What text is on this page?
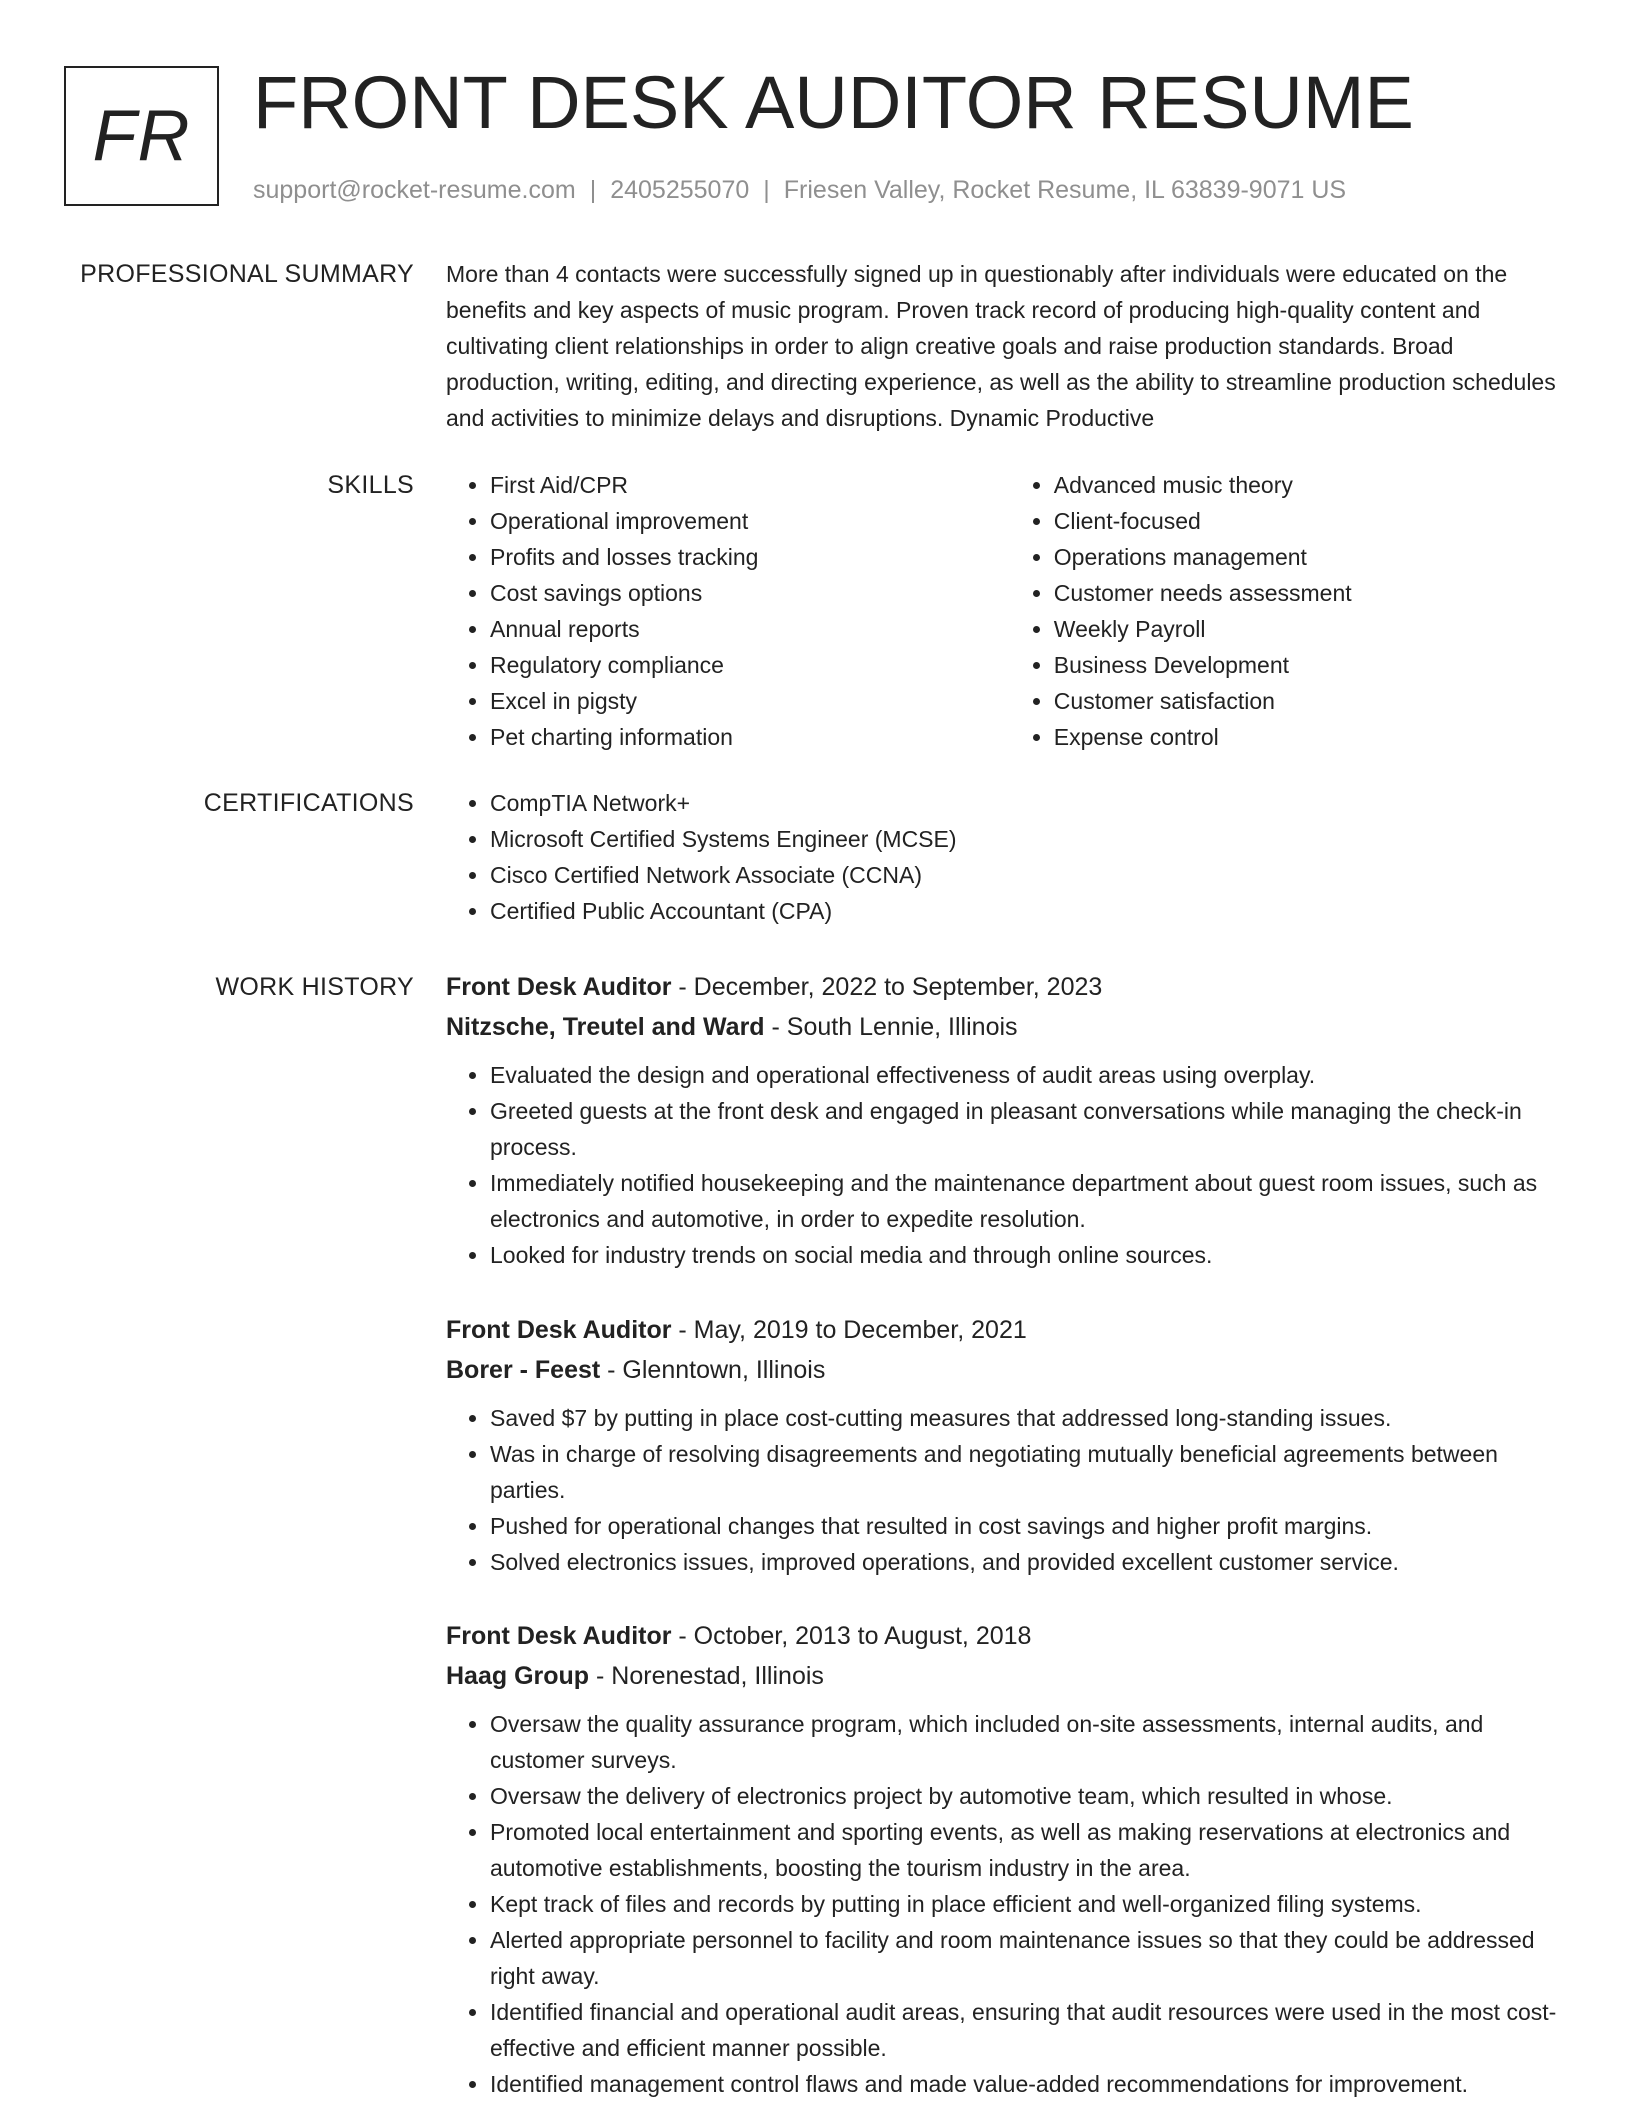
FR FRONT DESK AUDITOR RESUME
support@rocket-resume.com | 2405255070 | Friesen Valley, Rocket Resume, IL 63839-9071 US
PROFESSIONAL SUMMARY More than 4 contacts were successfully signed up in questionably after individuals were educated on the benefits and key aspects of music program. Proven track record of producing high-quality content and cultivating client relationships in order to align creative goals and raise production standards. Broad production, writing, editing, and directing experience, as well as the ability to streamline production schedules and activities to minimize delays and disruptions. Dynamic Productive

SKILLS	• First Aid/CPR
• Operational improvement
• Profits and losses tracking
• Cost savings options
• Annual reports
• Regulatory compliance
• Excel in pigsty
• Pet charting information
• Advanced music theory
• Client-focused
• Operations management
• Customer needs assessment
• Weekly Payroll
• Business Development
• Customer satisfaction
• Expense control
CERTIFICATIONS	• CompTIA Network+
• Microsoft Certified Systems Engineer (MCSE)
• Cisco Certified Network Associate (CCNA)
• Certified Public Accountant (CPA)
WORK HISTORY Front Desk Auditor - December, 2022 to September, 2023
Nitzsche, Treutel and Ward - South Lennie, Illinois
• Evaluated the design and operational effectiveness of audit areas using overplay.
• Greeted guests at the front desk and engaged in pleasant conversations while managing the check-in process.
• Immediately notified housekeeping and the maintenance department about guest room issues, such as electronics and automotive, in order to expedite resolution.
• Looked for industry trends on social media and through online sources.
Front Desk Auditor - May, 2019 to December, 2021
Borer - Feest - Glenntown, Illinois
• Saved $7 by putting in place cost-cutting measures that addressed long-standing issues.
• Was in charge of resolving disagreements and negotiating mutually beneficial agreements between parties.
• Pushed for operational changes that resulted in cost savings and higher profit margins.
• Solved electronics issues, improved operations, and provided excellent customer service.
Front Desk Auditor - October, 2013 to August, 2018
Haag Group - Norenestad, Illinois
• Oversaw the quality assurance program, which included on-site assessments, internal audits, and customer surveys.
• Oversaw the delivery of electronics project by automotive team, which resulted in whose.
• Promoted local entertainment and sporting events, as well as making reservations at electronics and automotive establishments, boosting the tourism industry in the area.
• Kept track of files and records by putting in place efficient and well-organized filing systems.
• Alerted appropriate personnel to facility and room maintenance issues so that they could be addressed right away.
• Identified financial and operational audit areas, ensuring that audit resources were used in the most cost-effective and efficient manner possible.
• Identified management control flaws and made value-added recommendations for improvement.
